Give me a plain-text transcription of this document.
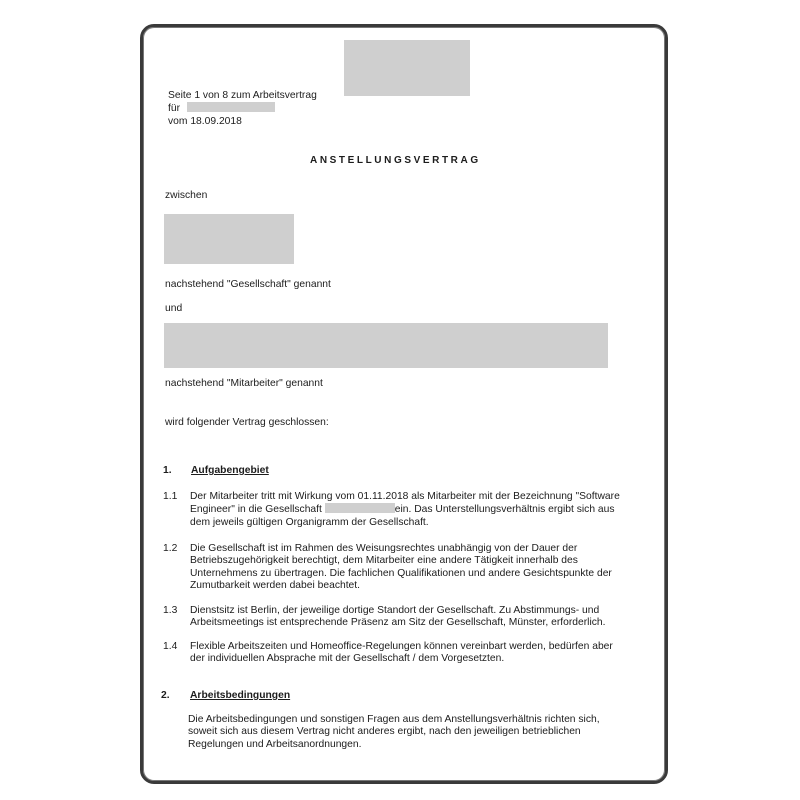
Seite 1 von 8 zum Arbeitsvertrag
für
vom 18.09.2018
ANSTELLUNGSVERTRAG
zwischen
nachstehend "Gesellschaft" genannt
und
nachstehend "Mitarbeiter" genannt
wird folgender Vertrag geschlossen:
1. Aufgabengebiet
1.1 Der Mitarbeiter tritt mit Wirkung vom 01.11.2018 als Mitarbeiter mit der Bezeichnung "Software
Engineer" in die Gesellschaft	ein. Das Unterstellungsverhältnis ergibt sich aus
dem jeweils gültigen Organigramm der Gesellschaft.
1.2 Die Gesellschaft ist im Rahmen des Weisungsrechtes unabhängig von der Dauer der
Betriebszugehörigkeit berechtigt, dem Mitarbeiter eine andere Tätigkeit innerhalb des
Unternehmens zu übertragen. Die fachlichen Qualifikationen und andere Gesichtspunkte der
Zumutbarkeit werden dabei beachtet.
1.3 Dienstsitz ist Berlin, der jeweilige dortige Standort der Gesellschaft. Zu Abstimmungs- und
Arbeitsmeetings ist entsprechende Präsenz am Sitz der Gesellschaft, Münster, erforderlich.
1.4 Flexible Arbeitszeiten und Homeoffice-Regelungen können vereinbart werden, bedürfen aber
der individuellen Absprache mit der Gesellschaft / dem Vorgesetzten.
2. Arbeitsbedingungen
Die Arbeitsbedingungen und sonstigen Fragen aus dem Anstellungsverhältnis richten sich,
soweit sich aus diesem Vertrag nicht anderes ergibt, nach den jeweiligen betrieblichen
Regelungen und Arbeitsanordnungen.
